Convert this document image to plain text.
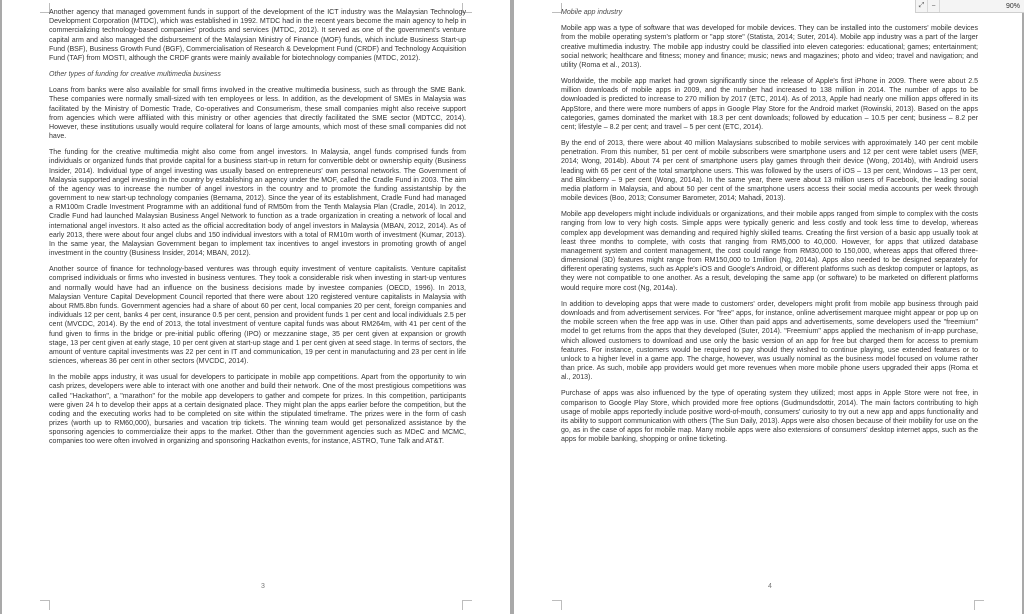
Another agency that managed government funds in support of the development of the ICT industry was the Malaysian Technology Development Corporation (MTDC), which was established in 1992. MTDC had in the recent years become the main agency to help in commercializing technology-based companies' products and services (MTDC, 2012). It served as one of the government's venture capital arm and also managed the disbursement of the Malaysian Ministry of Finance (MOF) funds, which include Business Start-up Fund (BSF), Business Growth Fund (BGF), Commercialisation of Research & Development Fund (CRDF) and Technology Acquisition Fund (TAF) from MOSTI, although the CRDF grants were mainly available for biotechnology companies (MTDC, 2012).

Other types of funding for creative multimedia business

Loans from banks were also available for small firms involved in the creative multimedia business, such as through the SME Bank. These companies were normally small-sized with ten employees or less. In addition, as the development of SMEs in Malaysia was facilitated by the Ministry of Domestic Trade, Co-operatives and Consumerism, these small companies might also receive support from agencies which were affiliated with this ministry or other agencies that directly facilitated the SME sector (MDTCC, 2014). However, these institutions usually would require collateral for loans of large amounts, which most of these small companies did not have.

The funding for the creative multimedia might also come from angel investors. In Malaysia, angel funds comprised funds from individuals or organized funds that provide capital for a business start-up in return for convertible debt or ownership equity (Business Insider, 2014). Individual type of angel investing was usually based on entrepreneurs' own personal networks. The Government of Malaysia supported angel investing in the country by establishing an agency under the MOF, called the Cradle Fund in 2003. The aim of the agency was to increase the number of angel investors in the country and to promote the funding assistantship by the government to new start-up technology companies (Bernama, 2012). Since the year of its establishment, Cradle Fund had managed a RM100m Cradle Investment Programme with an additional fund of RM50m from the Tenth Malaysia Plan (Cradle, 2014). In 2012, Cradle Fund had launched Malaysian Business Angel Network to function as a trade organization in creating a network of local and international angel investors. It also acted as the official accreditation body of angel investors in Malaysia (MBAN, 2012, 2014). As of early 2013, there were about four angel clubs and 150 individual investors with a total of RM10m worth of investment (Kumar, 2013). In the same year, the Malaysian Government began to implement tax incentives to angel investors in promoting growth of angel investment in the country (Business Insider, 2014; MBAN, 2012).

Another source of finance for technology-based ventures was through equity investment of venture capitalists. Venture capitalist comprised individuals or firms who invested in business ventures. They took a considerable risk when investing in start-up ventures and normally would have had an influence on the business decisions made by investee companies (OECD, 1996). In 2013, Malaysian Venture Capital Development Council reported that there were about 120 registered venture capitalists in Malaysia with about RM5.8bn funds. Government agencies had a share of about 60 per cent, local companies 20 per cent, foreign companies and individuals 12 per cent, banks 4 per cent, insurance 0.5 per cent, pension and provident funds 1 per cent and local individuals 2.5 per cent (MVCDC, 2014). By the end of 2013, the total investment of venture capital funds was about RM264m, with 41 per cent of the fund given to firms in the bridge or pre-initial public offering (IPO) or mezzanine stage, 35 per cent given at expansion or growth stage, 13 per cent given at early stage, 10 per cent given at start-up stage and 1 per cent given at seed stage. In terms of sectors, the amount of venture capital investments was 22 per cent in IT and communication, 19 per cent in manufacturing and 23 per cent in life sciences, whereas 36 per cent in other sectors (MVCDC, 2014).

In the mobile apps industry, it was usual for developers to participate in mobile app competitions. Apart from the opportunity to win cash prizes, developers were able to interact with one another and build their network. One of the most prestigious competitions was called "Hackathon", a "marathon" for the mobile app developers to gather and compete for prizes. In this competition, participants were given 24 h to develop their apps at a certain designated place. They might plan the apps earlier before the competition, but the coding and the executing works had to be completed on site within the stipulated timeframe. The prizes were in the form of cash prizes (worth up to RM60,000), bursaries and vacation trip tickets. The winning team would get personalized assistance by the sponsoring agencies to commercialize their apps to the market. Other than the government agencies such as MDeC and MCMC, companies too were often involved in organizing and sponsoring Hackathon events, for instance, ASTRO, Tune Talk and AT&T.

3

Mobile app industry

Mobile app was a type of software that was developed for mobile devices. They can be installed into the customers' mobile devices from the mobile operating system's platform or "app store" (Statista, 2014; Suter, 2014). Mobile app industry was a part of the larger creative multimedia industry. The mobile app industry could be classified into eleven categories: educational; games; entertainment; social network; healthcare and fitness; money and finance; music; news and magazines; photo and video; travel and navigation; and utility (Roma et al., 2013).

Worldwide, the mobile app market had grown significantly since the release of Apple's first iPhone in 2009. There were about 2.5 million downloads of mobile apps in 2009, and the number had increased to 138 million in 2014. The number of apps to be downloaded is predicted to increase to 270 million by 2017 (ETC, 2014). As of 2013, Apple had nearly one million apps offered in its AppStore, and there were more numbers of apps in Google Play Store for the Android market (Rowinski, 2013). Based on the apps categories, games dominated the market with 18.3 per cent downloads; followed by education – 10.5 per cent; business – 8.2 per cent; lifestyle – 8.2 per cent; and travel – 5 per cent (ETC, 2014).

By the end of 2013, there were about 40 million Malaysians subscribed to mobile services with approximately 140 per cent mobile penetration. From this number, 51 per cent of mobile subscribers were smartphone users and 12 per cent were tablet users (MEF, 2014; Wong, 2014b). About 74 per cent of smartphone users play games through their device (Wong, 2014b), with Android users leading with 65 per cent of the total smartphone users. This was followed by the users of iOS – 13 per cent, Windows – 13 per cent, and Blackberry – 9 per cent (Wong, 2014a). In the same year, there were about 13 million users of Facebook, the leading social media platform in Malaysia, and about 50 per cent of the smartphone users access their social media accounts per week through mobile devices (Boo, 2013; Consumer Barometer, 2014; Mahadi, 2013).

Mobile app developers might include individuals or organizations, and their mobile apps ranged from simple to complex with the costs ranging from low to very high costs. Simple apps were typically generic and less costly and took less time to develop, whereas complex app development was demanding and required highly skilled teams. Creating the first version of a basic app usually took at least three months to complete, with costs that ranging from RM5,000 to 40,000. However, for apps that utilized database management system and content management, the cost could range from RM30,000 to 150,000, whereas apps that offered three-dimensional (3D) features might range from RM150,000 to 1million (Ng, 2014a). Apps also needed to be designed separately for different operating systems, such as Apple's iOS and Google's Android, or different platforms such as desktop computer or laptops, as they were not compatible to one another. As a result, developing the same app (or software) to be marketed on different platforms would require more cost (Ng, 2014a).

In addition to developing apps that were made to customers' order, developers might profit from mobile app business through paid downloads and from advertisement services. For "free" apps, for instance, online advertisement marquee might appear or pop up on the mobile screen when the free app was in use. Other than paid apps and advertisements, some developers used the "freemium" model to get returns from the apps that they developed (Suter, 2014). "Freemium" apps applied the mechanism of in-app purchase, which allowed customers to download and use only the basic version of an app for free but charged them for access to premium features. For instance, customers would be required to pay should they wished to continue playing, use extended features or to unlock to a higher level in a game app. The charge, however, was usually nominal as the business model focused on volume rather than price. As such, mobile app providers would get more revenues when more mobile phone users upgraded their apps (Roma et al., 2013).

Purchase of apps was also influenced by the type of operating system they utilized; most apps in Apple Store were not free, in comparison to Google Play Store, which provided more free options (Gudmundsdottir, 2014). The main factors contributing to high usage of mobile apps reportedly include positive word-of-mouth, consumers' curiosity to try out a new app and apps functionality and its ability to support communication with others (The Sun Daily, 2013). Apps were also chosen because of their mobility for use on the go, as in the case of apps for mobile map. Many mobile apps were also extensions of consumers' desktop internet apps, such as the apps for mobile banking, shopping or online ticketing.

4
⤢	−	90%
